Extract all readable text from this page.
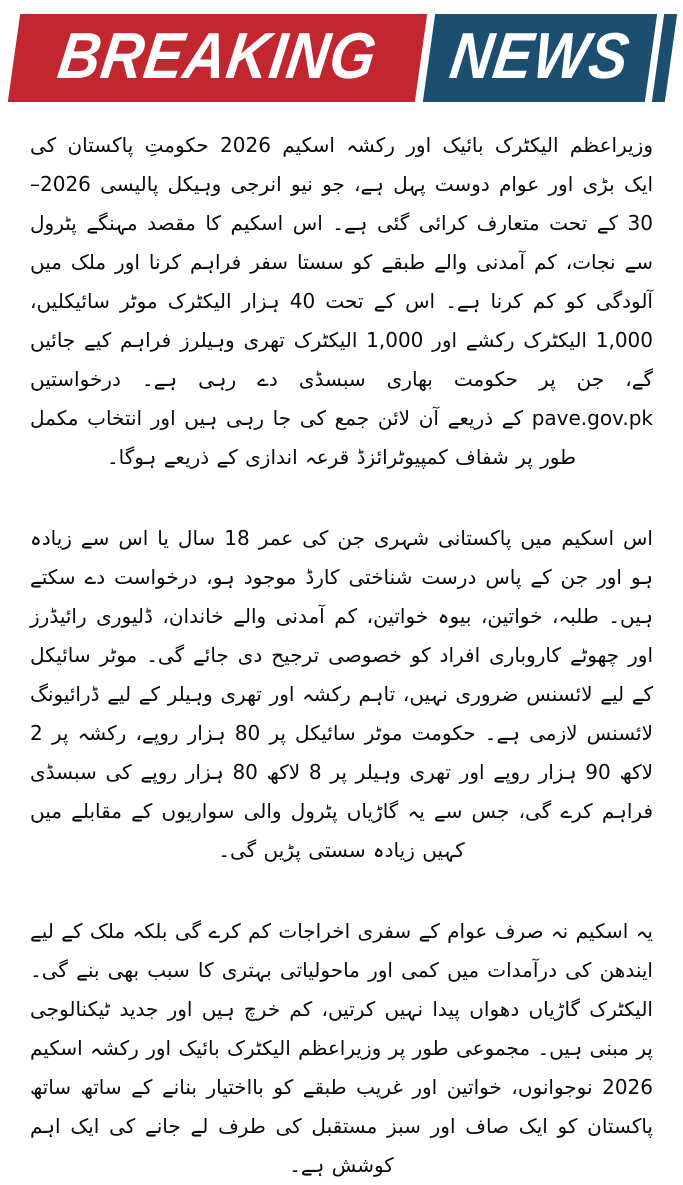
BREAKING NEWS

وزیراعظم الیکٹرک بائیک اور رکشہ اسکیم 2026 حکومتِ پاکستان کی ایک بڑی اور عوام دوست پہل ہے، جو نیو انرجی وہیکل پالیسی 2026–30 کے تحت متعارف کرائی گئی ہے۔ اس اسکیم کا مقصد مہنگے پٹرول سے نجات، کم آمدنی والے طبقے کو سستا سفر فراہم کرنا اور ملک میں آلودگی کو کم کرنا ہے۔ اس کے تحت 40 ہزار الیکٹرک موٹر سائیکلیں، 1,000 الیکٹرک رکشے اور 1,000 الیکٹرک تھری وہیلرز فراہم کیے جائیں گے، جن پر حکومت بھاری سبسڈی دے رہی ہے۔ درخواستیں pave.gov.pk کے ذریعے آن لائن جمع کی جا رہی ہیں اور انتخاب مکمل طور پر شفاف کمپیوٹرائزڈ قرعہ اندازی کے ذریعے ہوگا۔

اس اسکیم میں پاکستانی شہری جن کی عمر 18 سال یا اس سے زیادہ ہو اور جن کے پاس درست شناختی کارڈ موجود ہو، درخواست دے سکتے ہیں۔ طلبہ، خواتین، بیوہ خواتین، کم آمدنی والے خاندان، ڈلیوری رائیڈرز اور چھوٹے کاروباری افراد کو خصوصی ترجیح دی جائے گی۔ موٹر سائیکل کے لیے لائسنس ضروری نہیں، تاہم رکشہ اور تھری وہیلر کے لیے ڈرائیونگ لائسنس لازمی ہے۔ حکومت موٹر سائیکل پر 80 ہزار روپے، رکشہ پر 2 لاکھ 90 ہزار روپے اور تھری وہیلر پر 8 لاکھ 80 ہزار روپے کی سبسڈی فراہم کرے گی، جس سے یہ گاڑیاں پٹرول والی سواریوں کے مقابلے میں کہیں زیادہ سستی پڑیں گی۔

یہ اسکیم نہ صرف عوام کے سفری اخراجات کم کرے گی بلکہ ملک کے لیے ایندھن کی درآمدات میں کمی اور ماحولیاتی بہتری کا سبب بھی بنے گی۔ الیکٹرک گاڑیاں دھواں پیدا نہیں کرتیں، کم خرچ ہیں اور جدید ٹیکنالوجی پر مبنی ہیں۔ مجموعی طور پر وزیراعظم الیکٹرک بائیک اور رکشہ اسکیم 2026 نوجوانوں، خواتین اور غریب طبقے کو بااختیار بنانے کے ساتھ ساتھ پاکستان کو ایک صاف اور سبز مستقبل کی طرف لے جانے کی ایک اہم کوشش ہے۔
